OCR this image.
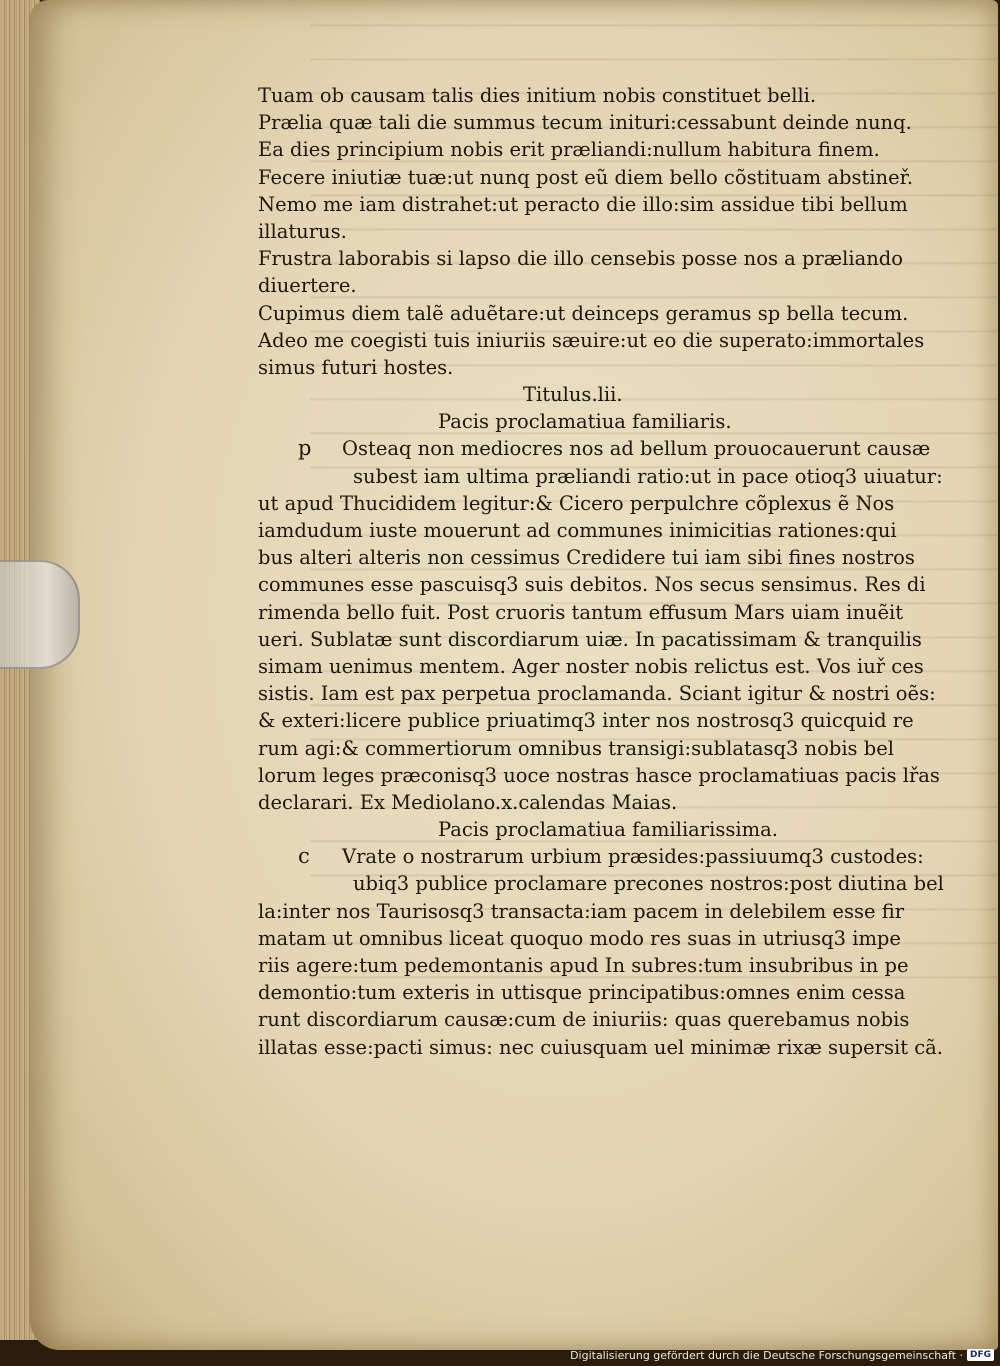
Tuam ob causam talis dies initium nobis constituet belli.
Prælia quæ tali die summus tecum inituri:cessabunt deinde nunq.
Ea dies principium nobis erit præliandi:nullum habitura finem.
Fecere iniutiæ tuæ:ut nunq post eũ diem bello cõstituam abstineř.
Nemo me iam distrahet:ut peracto die illo:sim assidue tibi bellum
illaturus.
Frustra laborabis si lapso die illo censebis posse nos a præliando
diuertere.
Cupimus diem talẽ aduẽtare:ut deinceps geramus sp bella tecum.
Adeo me coegisti tuis iniuriis sæuire:ut eo die superato:immortales
simus futuri hostes.
Titulus.lii.
Pacis proclamatiua familiaris.
p Osteaq non mediocres nos ad bellum prouocauerunt causæ
subest iam ultima præliandi ratio:ut in pace otioq3 uiuatur:
ut apud Thucididem legitur:& Cicero perpulchre cõplexus ẽ Nos
iamdudum iuste mouerunt ad communes inimicitias rationes:qui
bus alteri alteris non cessimus Credidere tui iam sibi fines nostros
communes esse pascuisq3 suis debitos. Nos secus sensimus. Res di
rimenda bello fuit. Post cruoris tantum effusum Mars uiam inuẽit
ueri. Sublatæ sunt discordiarum uiæ. In pacatissimam & tranquilis
simam uenimus mentem. Ager noster nobis relictus est. Vos iuř ces
sistis. Iam est pax perpetua proclamanda. Sciant igitur & nostri oẽs:
& exteri:licere publice priuatimq3 inter nos nostrosq3 quicquid re
rum agi:& commertiorum omnibus transigi:sublatasq3 nobis bel
lorum leges præconisq3 uoce nostras hasce proclamatiuas pacis lřas
declarari. Ex Mediolano.x.calendas Maias.
Pacis proclamatiua familiarissima.
c Vrate o nostrarum urbium præsides:passiuumq3 custodes:
ubiq3 publice proclamare precones nostros:post diutina bel
la:inter nos Taurisosq3 transacta:iam pacem in delebilem esse fir
matam ut omnibus liceat quoquo modo res suas in utriusq3 impe
riis agere:tum pedemontanis apud In subres:tum insubribus in pe
demontio:tum exteris in uttisque principatibus:omnes enim cessa
runt discordiarum causæ:cum de iniuriis: quas querebamus nobis
illatas esse:pacti simus: nec cuiusquam uel minimæ rixæ supersit cã.
Digitalisierung gefördert durch die Deutsche Forschungsgemeinschaft · DFG
